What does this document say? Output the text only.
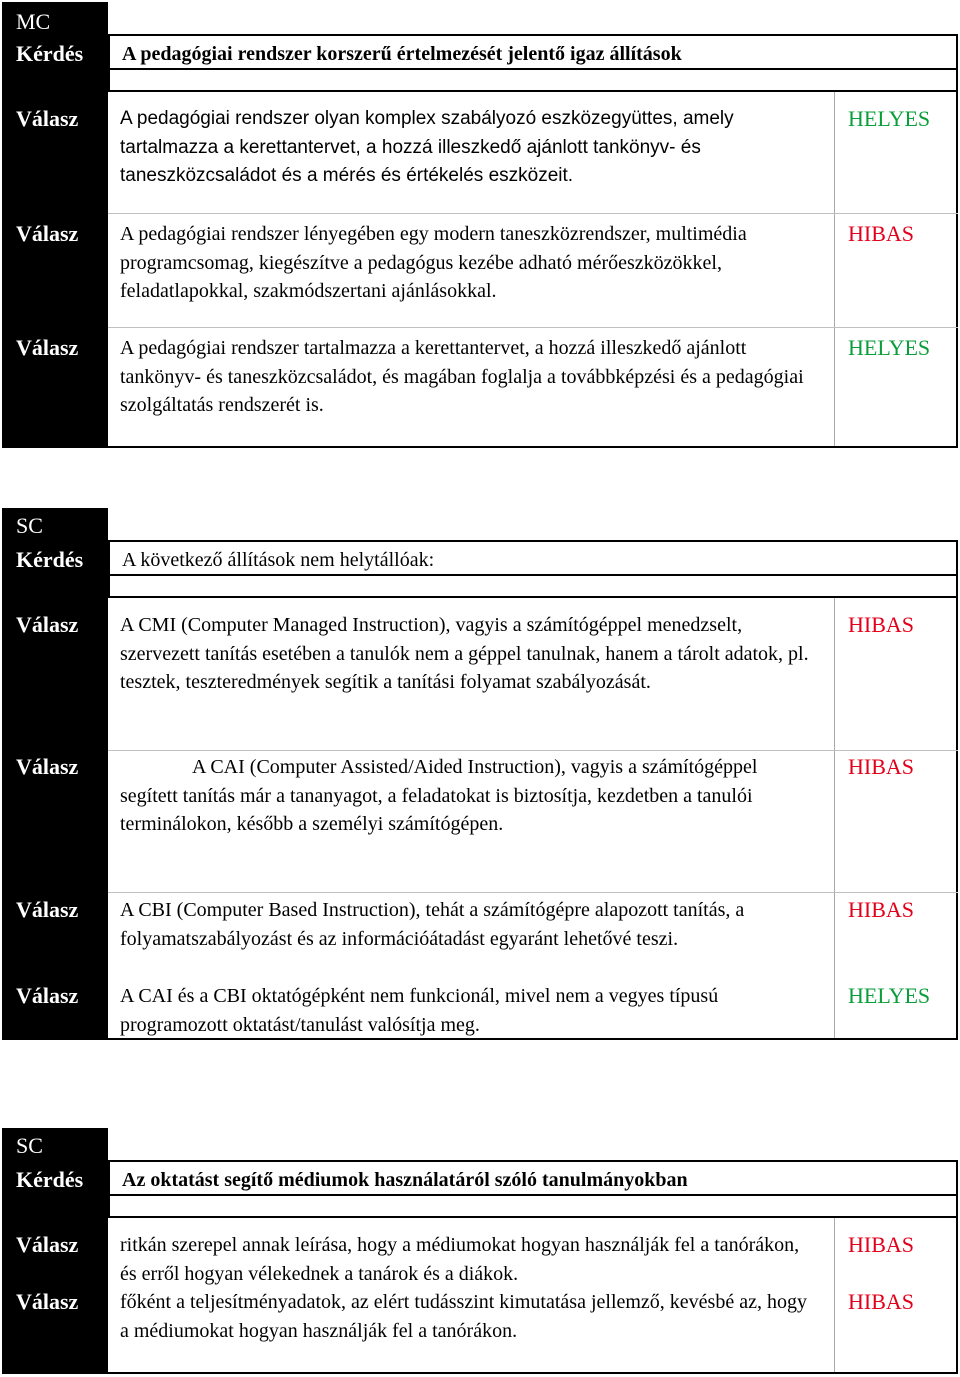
MC
Kérdés A pedagógiai rendszer korszerű értelmezését jelentő igaz állítások
Válasz A pedagógiai rendszer olyan komplex szabályozó eszközegyüttes, amely tartalmazza a kerettantervet, a hozzá illeszkedő ajánlott tankönyv- és taneszközcsaládot és a mérés és értékelés eszközeit.
HELYES
Válasz A pedagógiai rendszer lényegében egy modern taneszközrendszer, multimédia programcsomag, kiegészítve a pedagógus kezébe adható mérőeszközökkel, feladatlapokkal, szakmódszertani ajánlásokkal.
HIBAS
Válasz A pedagógiai rendszer tartalmazza a kerettantervet, a hozzá illeszkedő ajánlott tankönyv- és taneszközcsaládot, és magában foglalja a továbbképzési és a pedagógiai szolgáltatás rendszerét is.
HELYES
SC
Kérdés A következő állítások nem helytállóak:
Válasz A CMI (Computer Managed Instruction), vagyis a számítógéppel menedzselt, szervezett tanítás esetében a tanulók nem a géppel tanulnak, hanem a tárolt adatok, pl. tesztek, teszteredmények segítik a tanítási folyamat szabályozását.
HIBAS
Válasz	A CAI (Computer Assisted/Aided Instruction), vagyis a számítógéppel segített tanítás már a tananyagot, a feladatokat is biztosítja, kezdetben a tanulói terminálokon, később a személyi számítógépen.
HIBAS
Válasz A CBI (Computer Based Instruction), tehát a számítógépre alapozott tanítás, a folyamatszabályozást és az információátadást egyaránt lehetővé teszi.
HIBAS
Válasz A CAI és a CBI oktatógépként nem funkcionál, mivel nem a vegyes típusú programozott oktatást/tanulást valósítja meg.
HELYES
SC
Kérdés Az oktatást segítő médiumok használatáról szóló tanulmányokban
Válasz ritkán szerepel annak leírása, hogy a médiumokat hogyan használják fel a tanórákon, és erről hogyan vélekednek a tanárok és a diákok.
HIBAS
Válasz főként a teljesítményadatok, az elért tudásszint kimutatása jellemző, kevésbé az, hogy a médiumokat hogyan használják fel a tanórákon.
HIBAS
